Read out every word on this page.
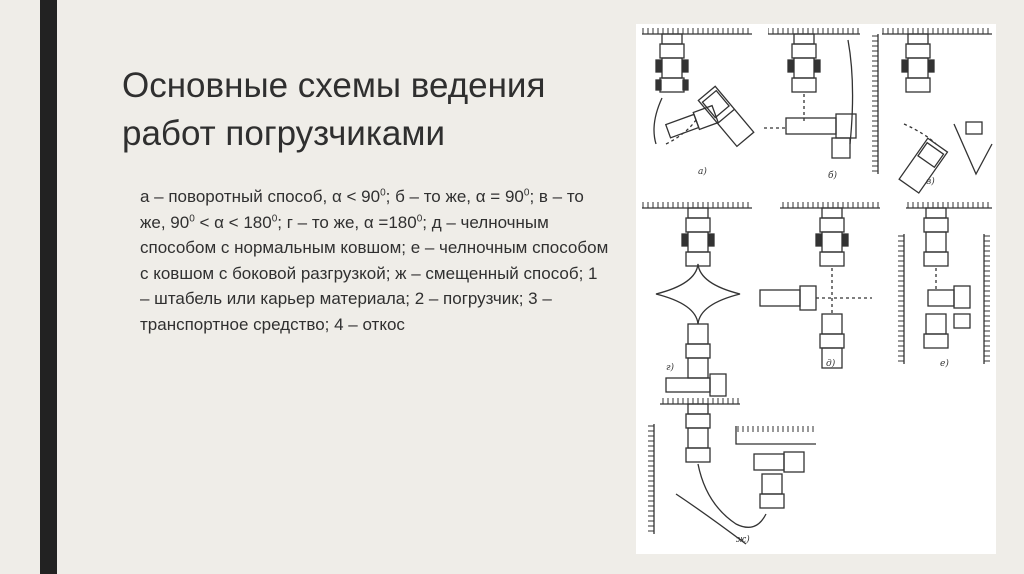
Основные схемы ведения работ погрузчиками

а – поворотный способ, $\alpha < 90^0$; б – то же, $\alpha = 90^0$; в – то же, $90^0 < \alpha < 180^0$; г – то же, $\alpha =180^0$; д – челночным способом с нормальным ковшом; е – челночным способом с ковшом с боковой разгрузкой; ж – смещенный способ; 1 – штабель или карьер материала; 2 – погрузчик; 3 – транспортное средство; 4 – откос

а)	б)
в)
г)	д)	е)
ж)
